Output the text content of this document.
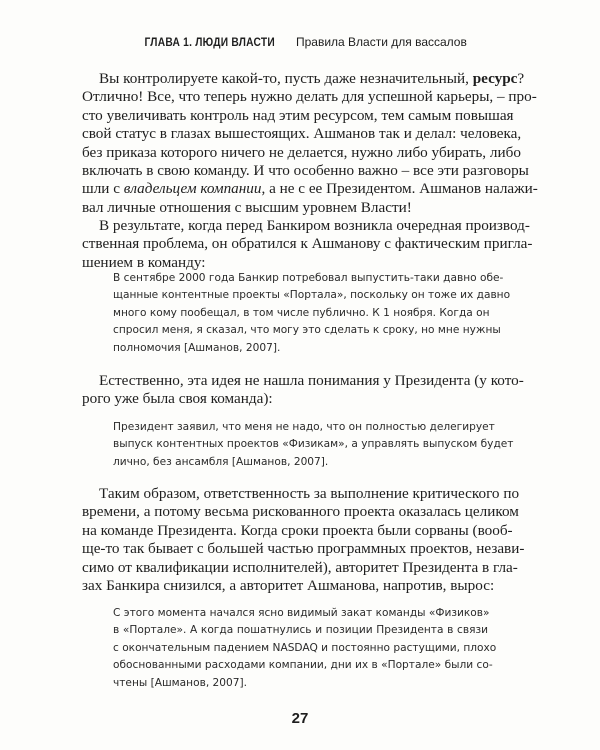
ГЛАВА 1. ЛЮДИ ВЛАСТИ Правила Власти для вассалов
Вы контролируете какой-то, пусть даже незначительный, ресурс?
Отлично! Все, что теперь нужно делать для успешной карьеры, – про-
сто увеличивать контроль над этим ресурсом, тем самым повышая
свой статус в глазах вышестоящих. Ашманов так и делал: человека,
без приказа которого ничего не делается, нужно либо убирать, либо
включать в свою команду. И что особенно важно – все эти разговоры
шли с владельцем компании, а не с ее Президентом. Ашманов налажи-
вал личные отношения с высшим уровнем Власти!
В результате, когда перед Банкиром возникла очередная производ-
ственная проблема, он обратился к Ашманову с фактическим пригла-
шением в команду:
В сентябре 2000 года Банкир потребовал выпустить-таки давно обе-
щанные контентные проекты «Портала», поскольку он тоже их давно
много кому пообещал, в том числе публично. К 1 ноября. Когда он
спросил меня, я сказал, что могу это сделать к сроку, но мне нужны
полномочия [Ашманов, 2007].
Естественно, эта идея не нашла понимания у Президента (у кото-
рого уже была своя команда):
Президент заявил, что меня не надо, что он полностью делегирует
выпуск контентных проектов «Физикам», а управлять выпуском будет
лично, без ансамбля [Ашманов, 2007].
Таким образом, ответственность за выполнение критического по
времени, а потому весьма рискованного проекта оказалась целиком
на команде Президента. Когда сроки проекта были сорваны (вооб-
ще-то так бывает с большей частью программных проектов, незави-
симо от квалификации исполнителей), авторитет Президента в гла-
зах Банкира снизился, а авторитет Ашманова, напротив, вырос:
С этого момента начался ясно видимый закат команды «Физиков»
в «Портале». А когда пошатнулись и позиции Президента в связи
с окончательным падением NASDAQ и постоянно растущими, плохо
обоснованными расходами компании, дни их в «Портале» были со-
чтены [Ашманов, 2007].
27
